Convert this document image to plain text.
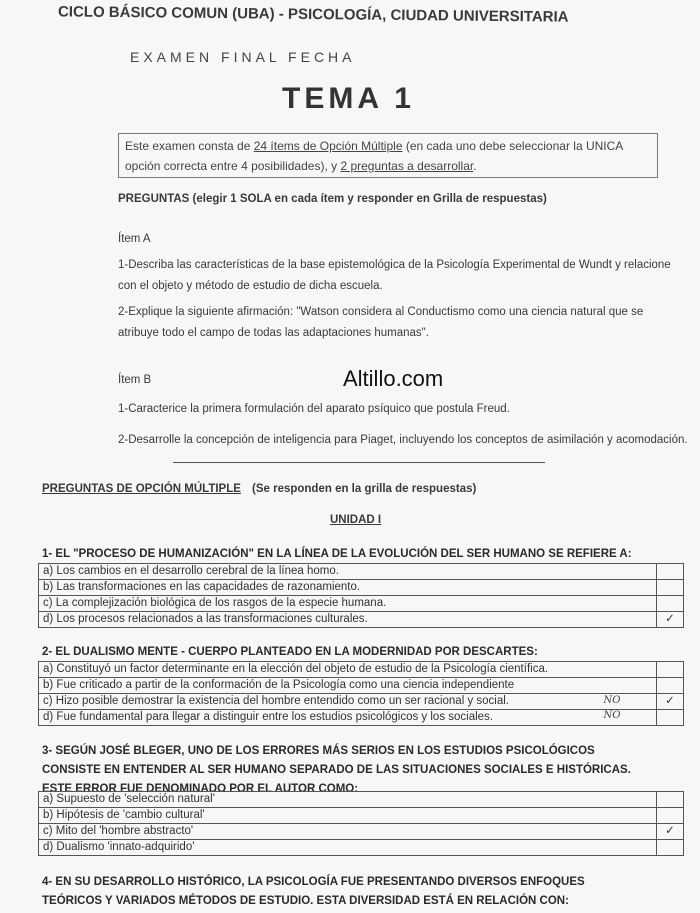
CICLO BÁSICO COMUN (UBA) - PSICOLOGÍA, CIUDAD UNIVERSITARIA
EXAMEN FINAL FECHA
TEMA 1
Este examen consta de 24 ítems de Opción Múltiple (en cada uno debe seleccionar la UNICA opción correcta entre 4 posibilidades), y 2 preguntas a desarrollar.
PREGUNTAS (elegir 1 SOLA en cada ítem y responder en Grilla de respuestas)
Ítem A
1-Describa las características de la base epistemológica de la Psicología Experimental de Wundt y relacione con el objeto y método de estudio de dicha escuela.
2-Explique la siguiente afirmación: "Watson considera al Conductismo como una ciencia natural que se atribuye todo el campo de todas las adaptaciones humanas".
Ítem B	Altillo.com
1-Caracterice la primera formulación del aparato psíquico que postula Freud.
2-Desarrolle la concepción de inteligencia para Piaget, incluyendo los conceptos de asimilación y acomodación.
PREGUNTAS DE OPCIÓN MÚLTIPLE (Se responden en la grilla de respuestas)
UNIDAD I
1- EL "PROCESO DE HUMANIZACIÓN" EN LA LÍNEA DE LA EVOLUCIÓN DEL SER HUMANO SE REFIERE A:
a) Los cambios en el desarrollo cerebral de la línea homo.	
b) Las transformaciones en las capacidades de razonamiento.	
c) La complejización biológica de los rasgos de la especie humana.	
d) Los procesos relacionados a las transformaciones culturales.	✓
2- EL DUALISMO MENTE - CUERPO PLANTEADO EN LA MODERNIDAD POR DESCARTES:
a) Constituyó un factor determinante en la elección del objeto de estudio de la Psicología científica.	
b) Fue criticado a partir de la conformación de la Psicología como una ciencia independiente	
c) Hizo posible demostrar la existencia del hombre entendido como un ser racional y social. NO	✓
d) Fue fundamental para llegar a distinguir entre los estudios psicológicos y los sociales. NO	

3- SEGÚN JOSÉ BLEGER, UNO DE LOS ERRORES MÁS SERIOS EN LOS ESTUDIOS PSICOLÓGICOS CONSISTE EN ENTENDER AL SER HUMANO SEPARADO DE LAS SITUACIONES SOCIALES E HISTÓRICAS. ESTE ERROR FUE DENOMINADO POR EL AUTOR COMO:
a) Supuesto de 'selección natural'	
b) Hipótesis de 'cambio cultural'	
c) Mito del 'hombre abstracto'	✓
d) Dualismo 'innato-adquirido'	
4- EN SU DESARROLLO HISTÓRICO, LA PSICOLOGÍA FUE PRESENTANDO DIVERSOS ENFOQUES TEÓRICOS Y VARIADOS MÉTODOS DE ESTUDIO. ESTA DIVERSIDAD ESTÁ EN RELACIÓN CON:
